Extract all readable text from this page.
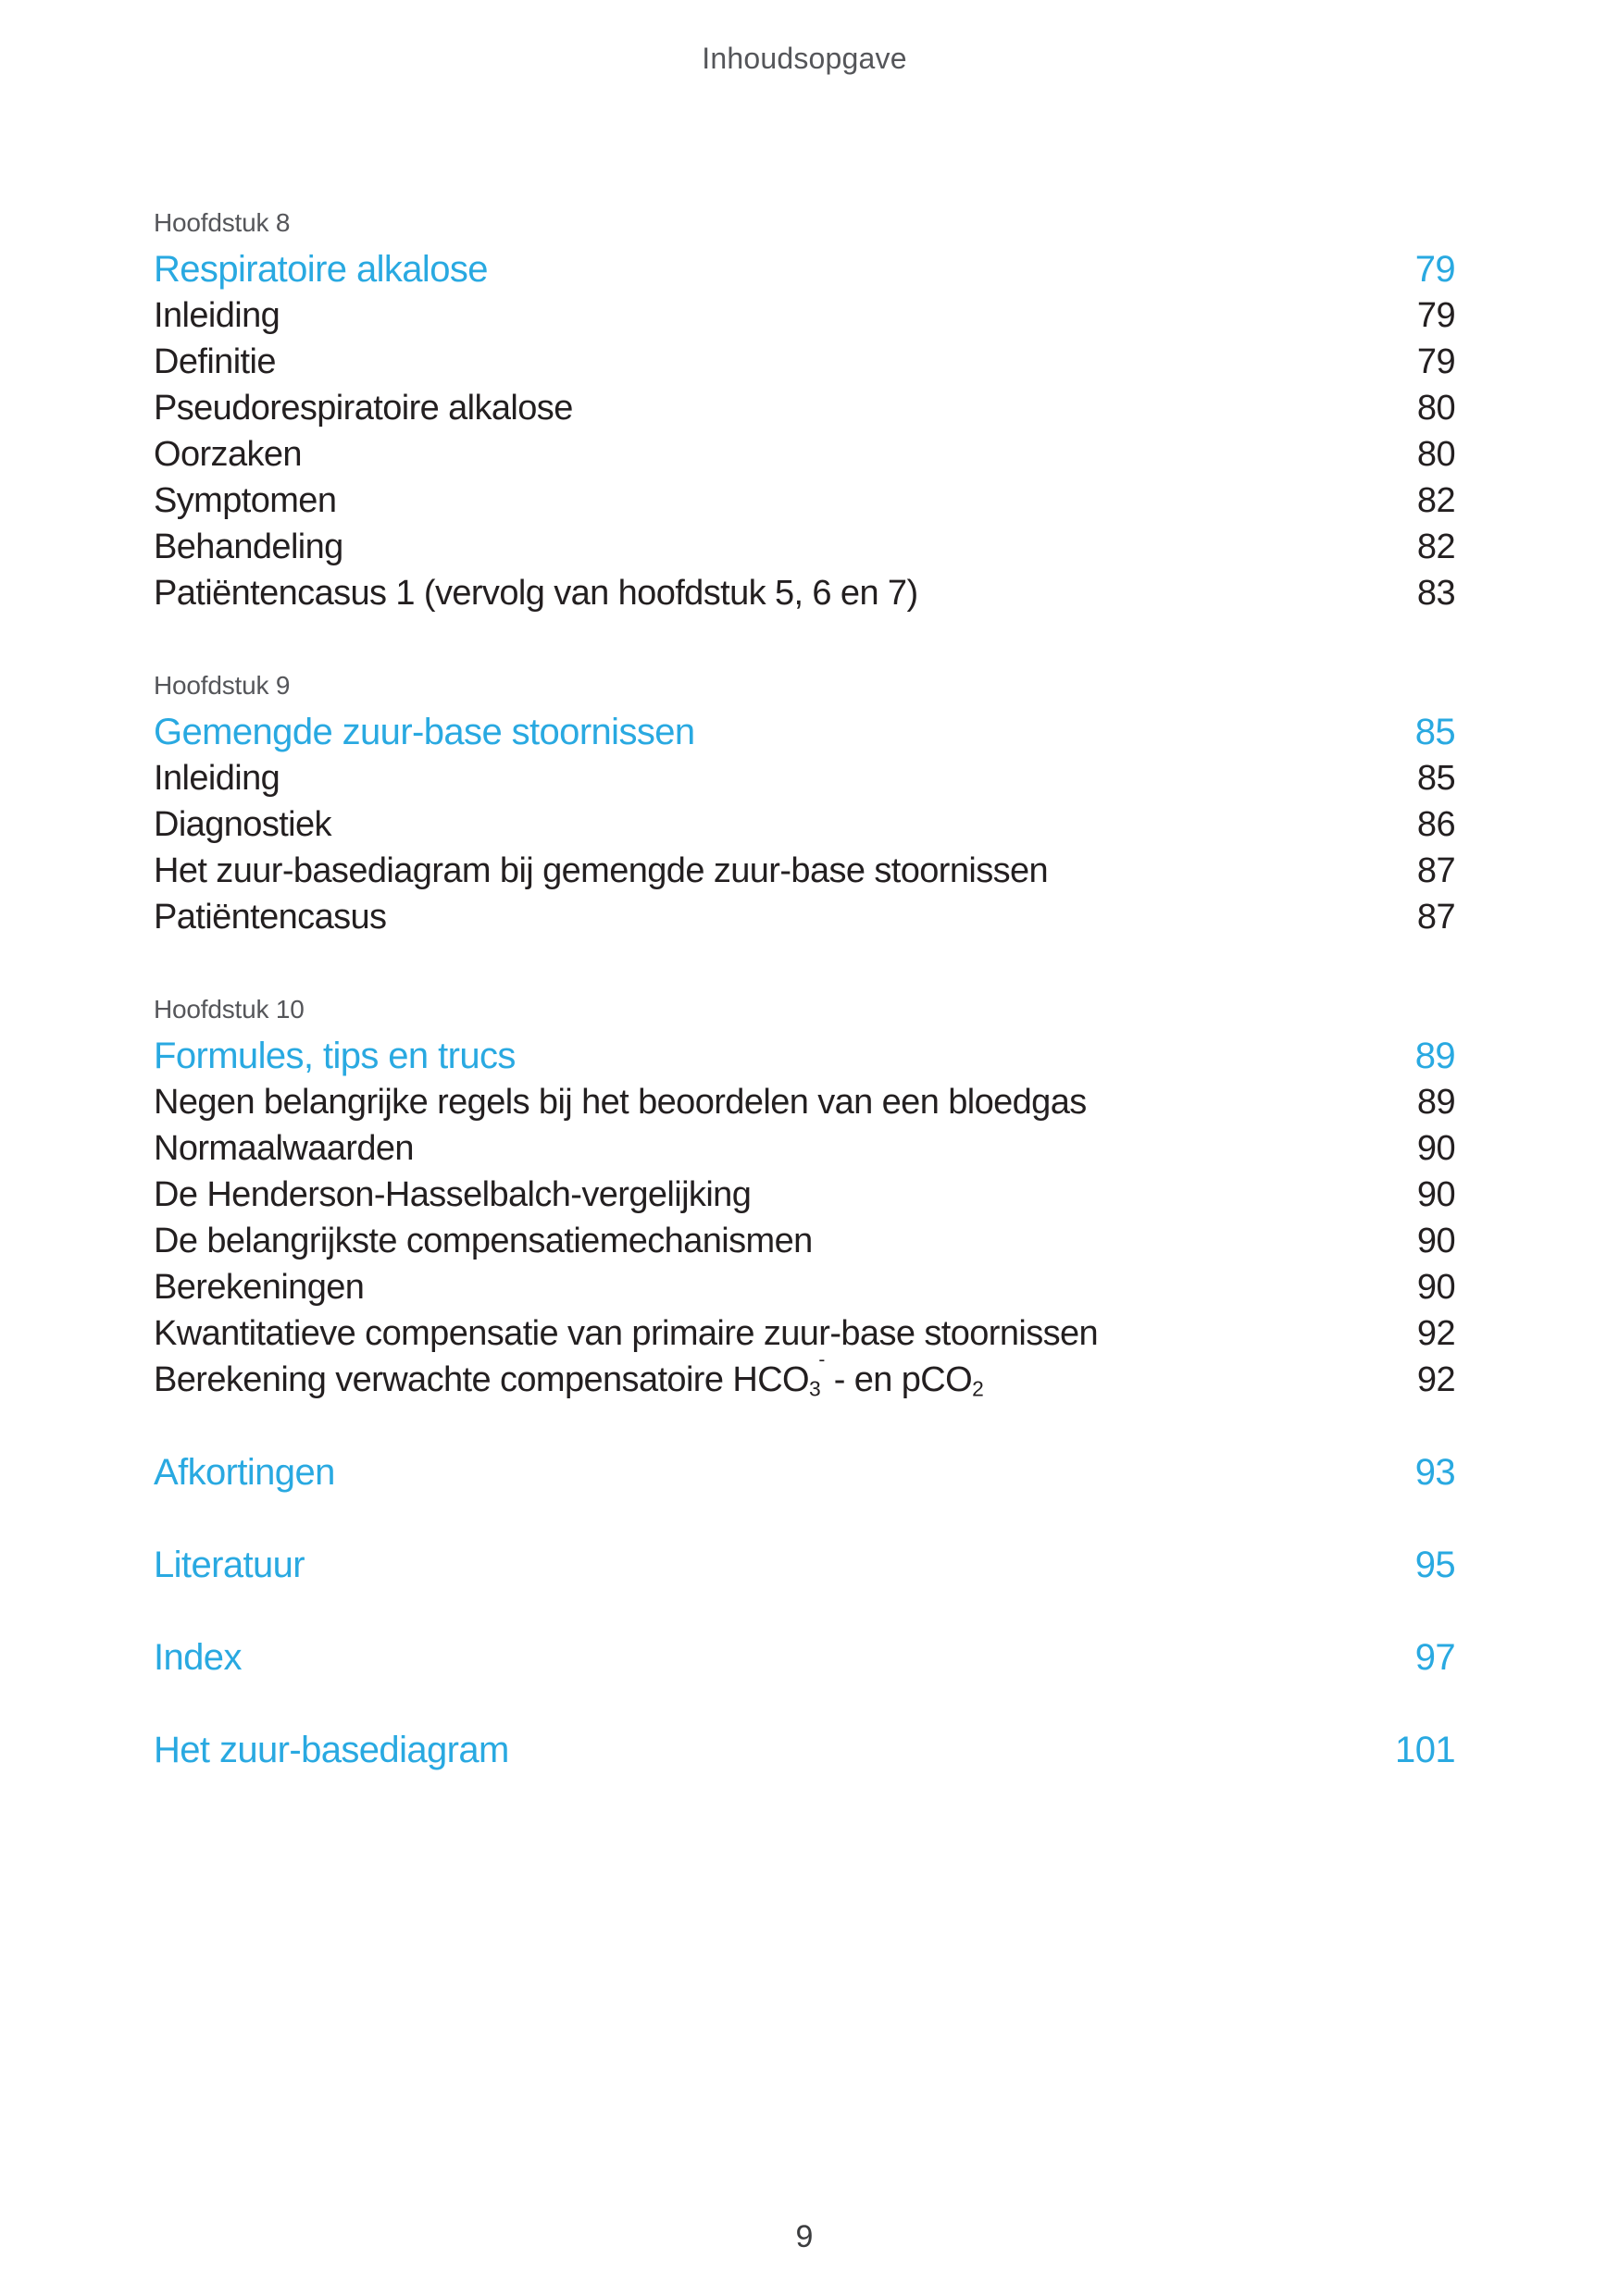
Inhoudsopgave
Hoofdstuk 8
Respiratoire alkalose	79
Inleiding	79
Definitie	79
Pseudorespiratoire alkalose	80
Oorzaken	80
Symptomen	82
Behandeling	82
Patiëntencasus 1 (vervolg van hoofdstuk 5, 6 en 7)	83
Hoofdstuk 9
Gemengde zuur-base stoornissen	85
Inleiding	85
Diagnostiek	86
Het zuur-basediagram bij gemengde zuur-base stoornissen	87
Patiëntencasus	87
Hoofdstuk 10
Formules, tips en trucs	89
Negen belangrijke regels bij het beoordelen van een bloedgas	89
Normaalwaarden	90
De Henderson-Hasselbalch-vergelijking	90
De belangrijkste compensatiemechanismen	90
Berekeningen	90
Kwantitatieve compensatie van primaire zuur-base stoornissen	92
Berekening verwachte compensatoire $HCO_3^-$ - en pCO$_2$	92
Afkortingen	93
Literatuur	95
Index	97
Het zuur-basediagram	101
9
